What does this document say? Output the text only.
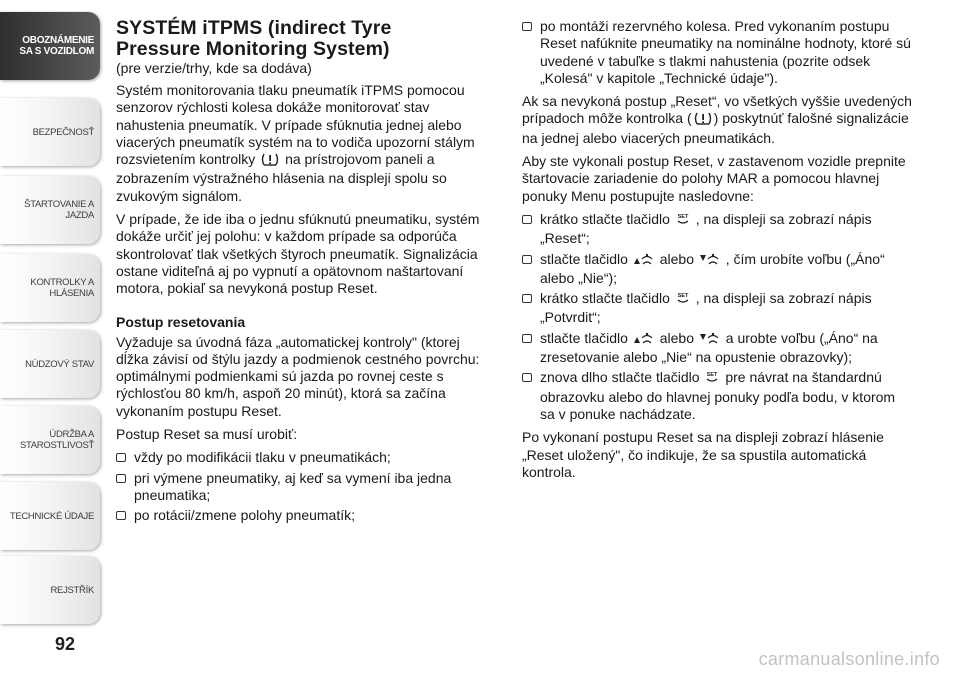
OBOZNÁMENIE
SA S VOZIDLOM
BEZPEČNOSŤ
ŠTARTOVANIE A
JAZDA
KONTROLKY A
HLÁSENIA
NÚDZOVÝ STAV
ÚDRŽBA A
STAROSTLIVOSŤ
TECHNICKÉ ÚDAJE
REJSTŘÍK
92
SYSTÉM iTPMS (indirect Tyre
Pressure Monitoring System)
(pre verzie/trhy, kde sa dodáva)

Systém monitorovania tlaku pneumatík iTPMS pomocou senzorov rýchlosti kolesa dokáže monitorovať stav nahustenia pneumatík. V prípade sfúknutia jednej alebo viacerých pneumatík systém na to vodiča upozorní stálym rozsvietením kontrolky na prístrojovom paneli a zobrazením výstražného hlásenia na displeji spolu so zvukovým signálom.

V prípade, že ide iba o jednu sfúknutú pneumatiku, systém dokáže určiť jej polohu: v každom prípade sa odporúča skontrolovať tlak všetkých štyroch pneumatík. Signalizácia ostane viditeľná aj po vypnutí a opätovnom naštartovaní motora, pokiaľ sa nevykoná postup Reset.

Postup resetovania

Vyžaduje sa úvodná fáza „automatickej kontroly" (ktorej dĺžka závisí od štýlu jazdy a podmienok cestného povrchu: optimálnymi podmienkami sú jazda po rovnej ceste s rýchlosťou 80 km/h, aspoň 20 minút), ktorá sa začína vykonaním postupu Reset.

Postup Reset sa musí urobiť:

vždy po modifikácii tlaku v pneumatikách;
pri výmene pneumatiky, aj keď sa vymení iba jedna pneumatika;
po rotácii/zmene polohy pneumatík;
po montáži rezervného kolesa. Pred vykonaním postupu Reset nafúknite pneumatiky na nominálne hodnoty, ktoré sú uvedené v tabuľke s tlakmi nahustenia (pozrite odsek „Kolesá" v kapitole „Technické údaje").

Ak sa nevykoná postup „Reset“, vo všetkých vyššie uvedených prípadoch môže kontrolka ( ) poskytnúť falošné signalizácie na jednej alebo viacerých pneumatikách.

Aby ste vykonali postup Reset, v zastavenom vozidle prepnite štartovacie zariadenie do polohy MAR a pomocou hlavnej ponuky Menu postupujte nasledovne:

krátko stlačte tlačidlo SET , na displeji sa zobrazí nápis „Reset“;
stlačte tlačidlo alebo , čím urobíte voľbu („Áno“ alebo „Nie“);
krátko stlačte tlačidlo SET , na displeji sa zobrazí nápis „Potvrdit“;
stlačte tlačidlo alebo a urobte voľbu („Áno“ na zresetovanie alebo „Nie“ na opustenie obrazovky);
znova dlho stlačte tlačidlo SET pre návrat na štandardnú obrazovku alebo do hlavnej ponuky podľa bodu, v ktorom sa v ponuke nachádzate.

Po vykonaní postupu Reset sa na displeji zobrazí hlásenie „Reset uložený", čo indikuje, že sa spustila automatická kontrola.

carmanualsonline.info
